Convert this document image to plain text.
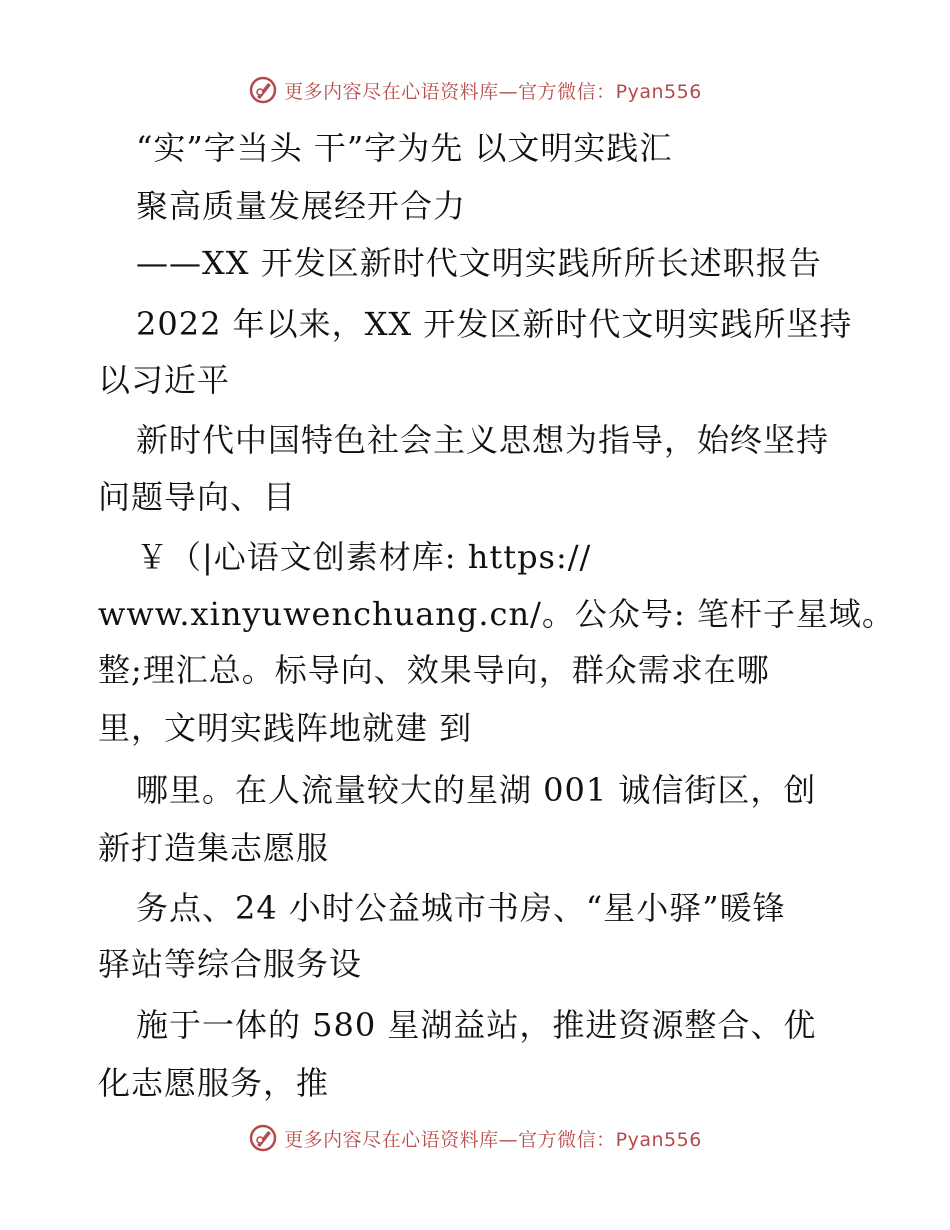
更多内容尽在心语资料库—官方微信：Pyan556
“实”字当头 干”字为先 以文明实践汇
聚高质量发展经开合力
——XX 开发区新时代文明实践所所长述职报告
2022 年以来，XX 开发区新时代文明实践所坚持
以习近平
新时代中国特色社会主义思想为指导，始终坚持
问题导向、目
￥（|心语文创素材库: https://
www.xinyuwenchuang.cn/。公众号: 笔杆子星域。
整;理汇总。标导向、效果导向，群众需求在哪
里，文明实践阵地就建 到
哪里。在人流量较大的星湖 001 诚信街区，创
新打造集志愿服
务点、24 小时公益城市书房、“星小驿”暖锋
驿站等综合服务设
施于一体的 580 星湖益站，推进资源整合、优
化志愿服务，推
更多内容尽在心语资料库—官方微信：Pyan556
